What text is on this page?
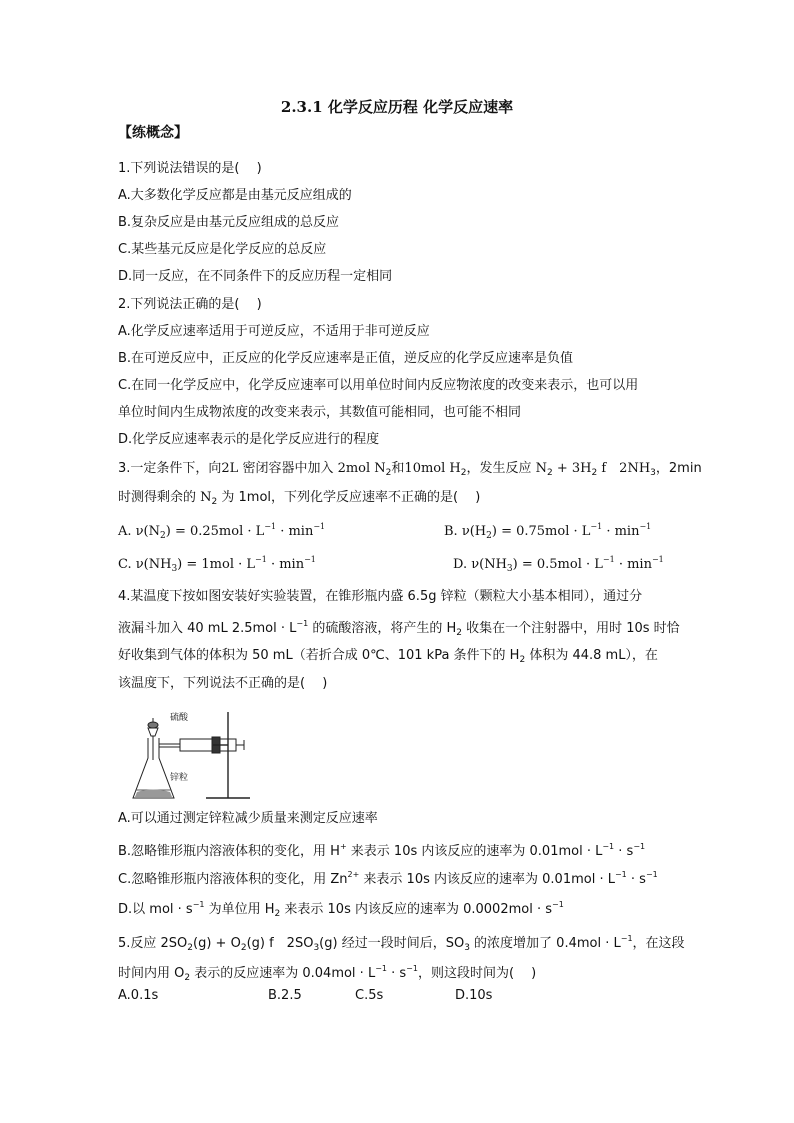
2.3.1 化学反应历程 化学反应速率
【练概念】
1.下列说法错误的是(　 )
A.大多数化学反应都是由基元反应组成的
B.复杂反应是由基元反应组成的总反应
C.某些基元反应是化学反应的总反应
D.同一反应，在不同条件下的反应历程一定相同
2.下列说法正确的是(　 )
A.化学反应速率适用于可逆反应，不适用于非可逆反应
B.在可逆反应中，正反应的化学反应速率是正值，逆反应的化学反应速率是负值
C.在同一化学反应中，化学反应速率可以用单位时间内反应物浓度的改变来表示，也可以用
单位时间内生成物浓度的改变来表示，其数值可能相同，也可能不相同
D.化学反应速率表示的是化学反应进行的程度
3.一定条件下，向2L 密闭容器中加入 2mol $N_2$和10mol $H_2$，发生反应 $N_2 + 3H_2$ f　$2NH_3$，2min
时测得剩余的 $N_2$ 为 1mol，下列化学反应速率不正确的是(　 )
A. $\nu(N_2) = 0.25mol \cdot L^{-1} \cdot \min^{-1}$	B. $\nu(H_2) = 0.75mol \cdot L^{-1} \cdot \min^{-1}$
C. $\nu(NH_3) = 1mol \cdot L^{-1} \cdot \min^{-1}$	D. $\nu(NH_3) = 0.5mol \cdot L^{-1} \cdot \min^{-1}$
4.某温度下按如图安装好实验装置，在锥形瓶内盛 6.5g 锌粒（颗粒大小基本相同），通过分
液漏斗加入 40 mL $2.5mol \cdot L^{-1}$ 的硫酸溶液，将产生的 $H_2$ 收集在一个注射器中，用时 10s 时恰
好收集到气体的体积为 50 mL（若折合成 0℃、101 kPa 条件下的 $H_2$ 体积为 44.8 mL），在
该温度下，下列说法不正确的是(　 )
硫酸
锌粒
A.可以通过测定锌粒减少质量来测定反应速率
B.忽略锥形瓶内溶液体积的变化，用 H+ 来表示 10s 内该反应的速率为 $0.01mol \cdot L^{-1} \cdot s^{-1}$
C.忽略锥形瓶内溶液体积的变化，用 $Zn^{2+}$ 来表示 10s 内该反应的速率为 $0.01mol \cdot L^{-1} \cdot s^{-1}$
D.以 mol · $s^{-1}$ 为单位用 $H_2$ 来表示 10s 内该反应的速率为 $0.0002mol \cdot s^{-1}$
5.反应 $2SO_2(g) + O_2(g)$ f　$2SO_3(g)$ 经过一段时间后，$SO_3$ 的浓度增加了 $0.4mol \cdot L^{-1}$，在这段
时间内用 $O_2$ 表示的反应速率为 $0.04mol \cdot L^{-1} \cdot s^{-1}$，则这段时间为(　 )
A.0.1s	B.2.5	C.5s	D.10s
